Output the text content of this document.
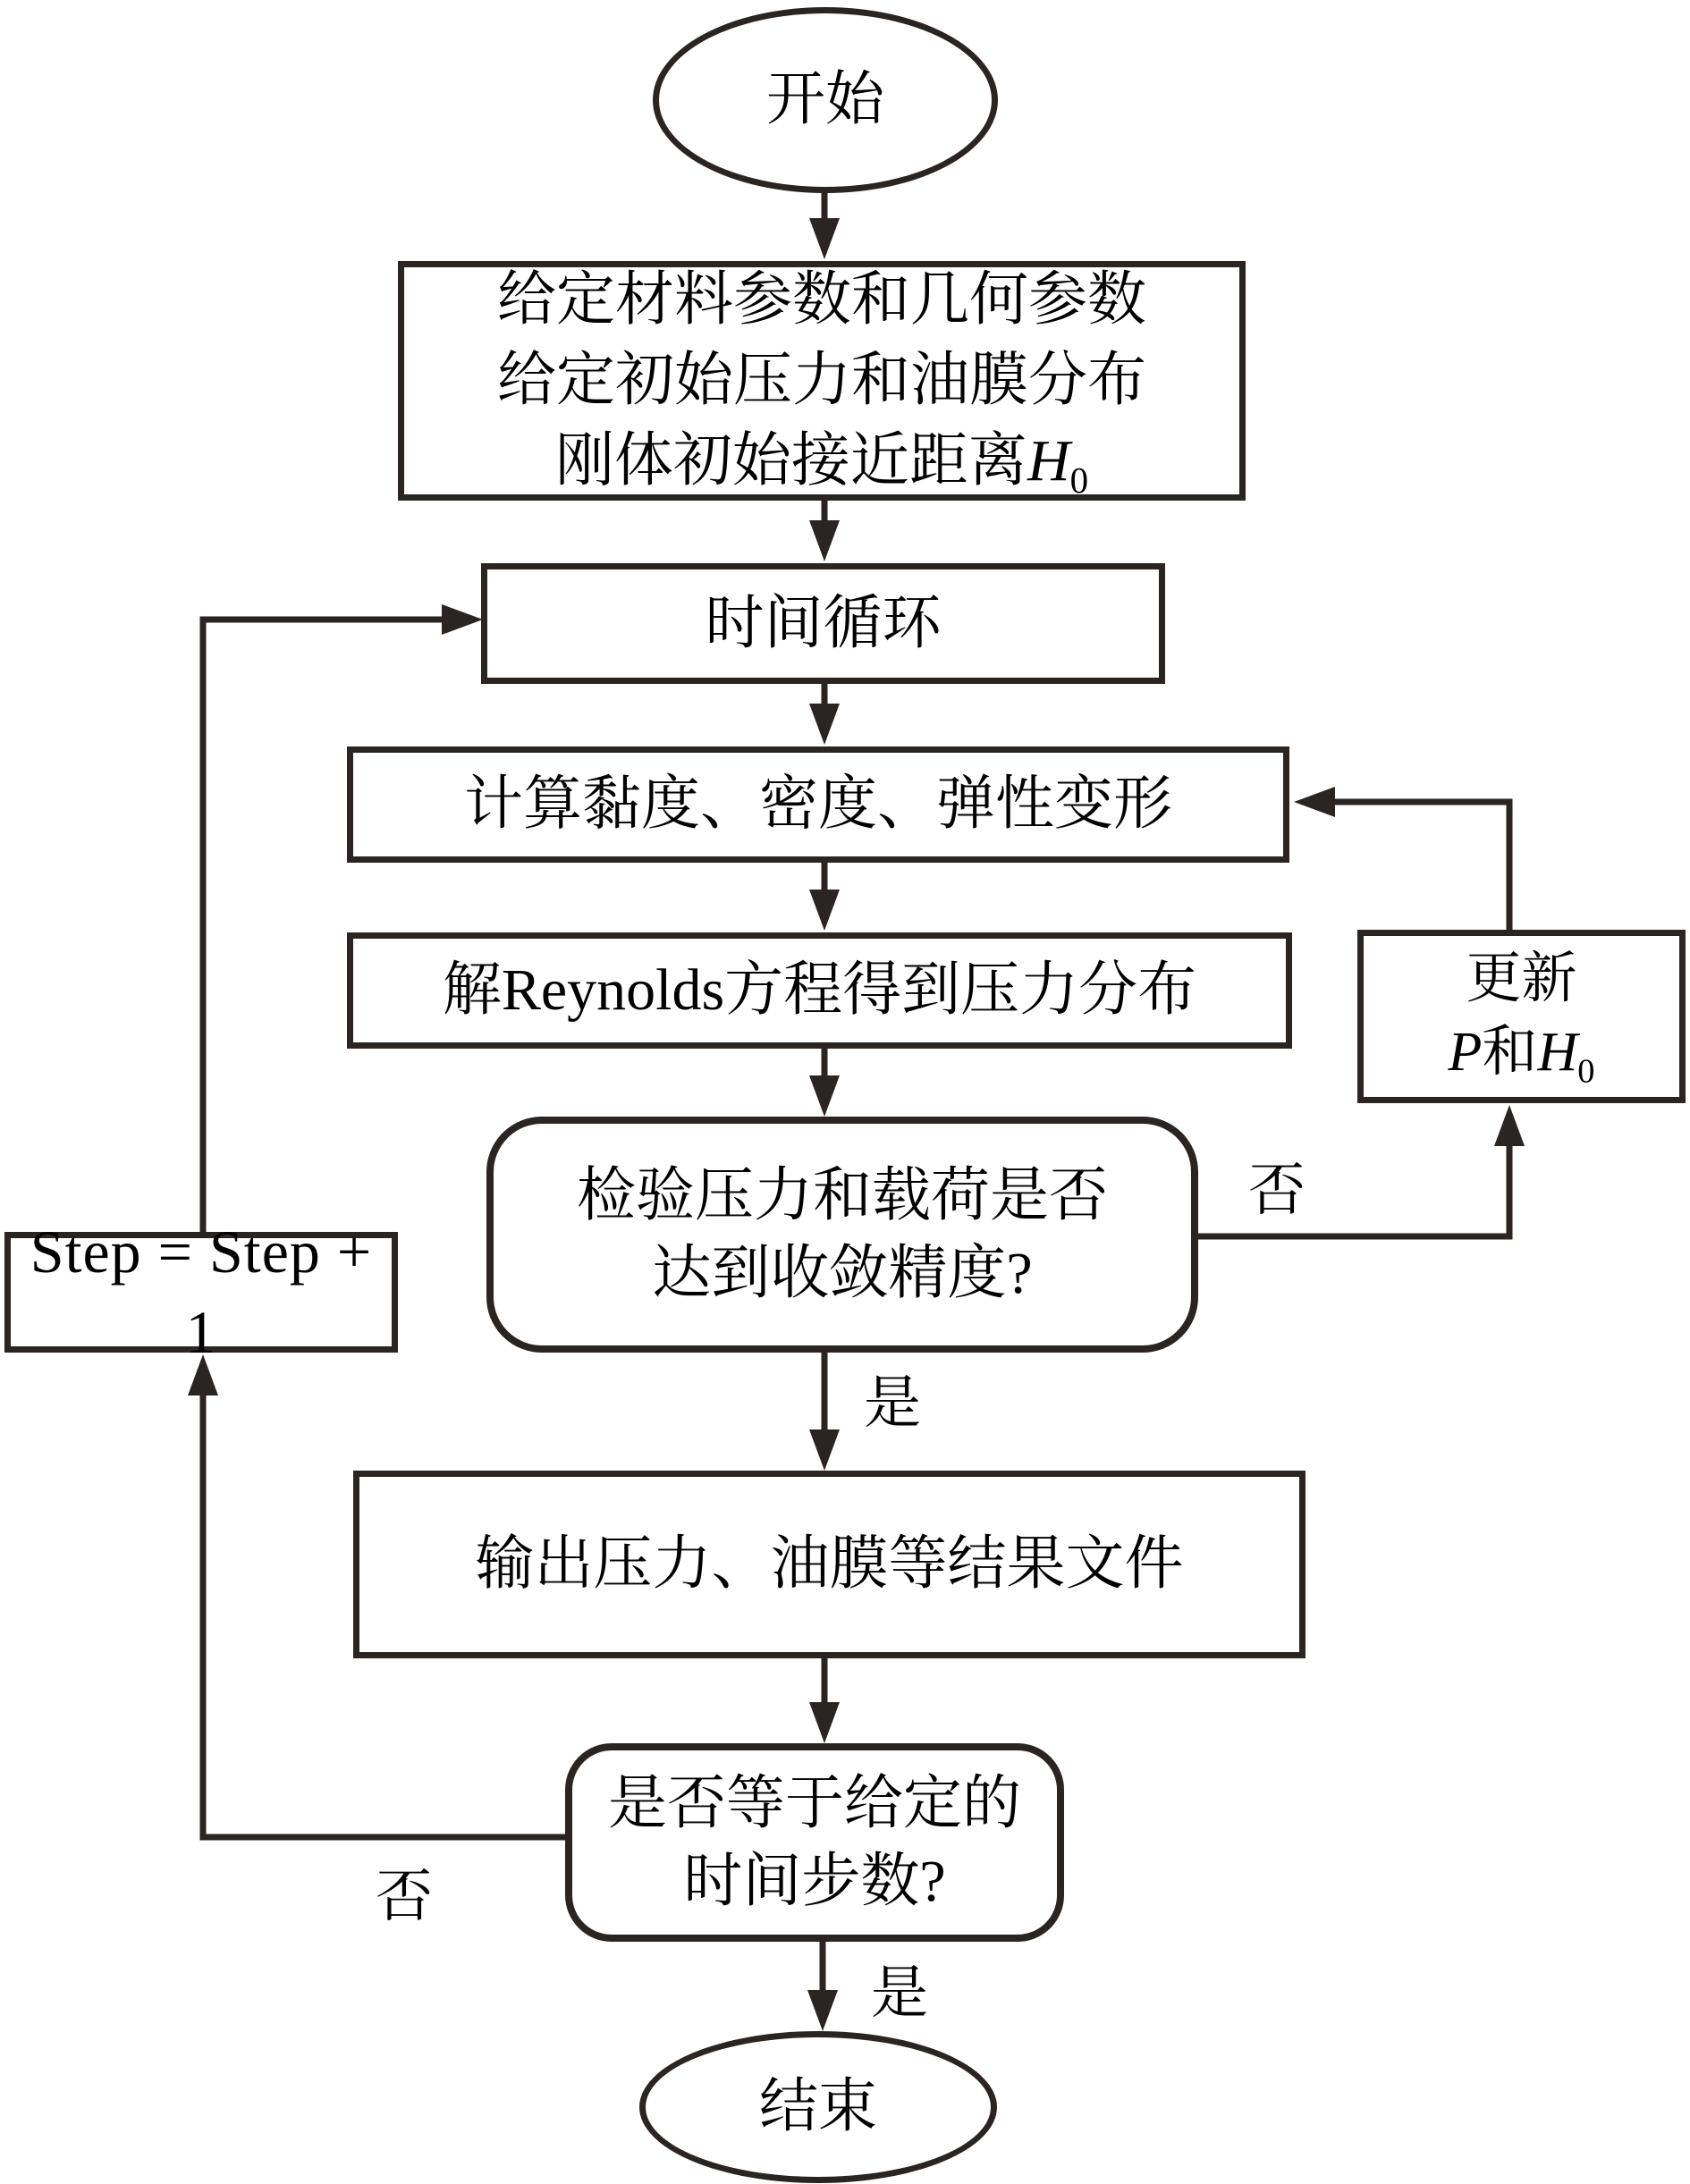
开始
给定材料参数和几何参数
给定初始压力和油膜分布
刚体初始接近距离$H_0$
时间循环
计算黏度、密度、弹性变形
解Reynolds方程得到压力分布
检验压力和载荷是否
达到收敛精度?
更新
P和$H_0$
Step = Step + 1
输出压力、油膜等结果文件
是否等于给定的
时间步数?
结束
是
否
否
是
